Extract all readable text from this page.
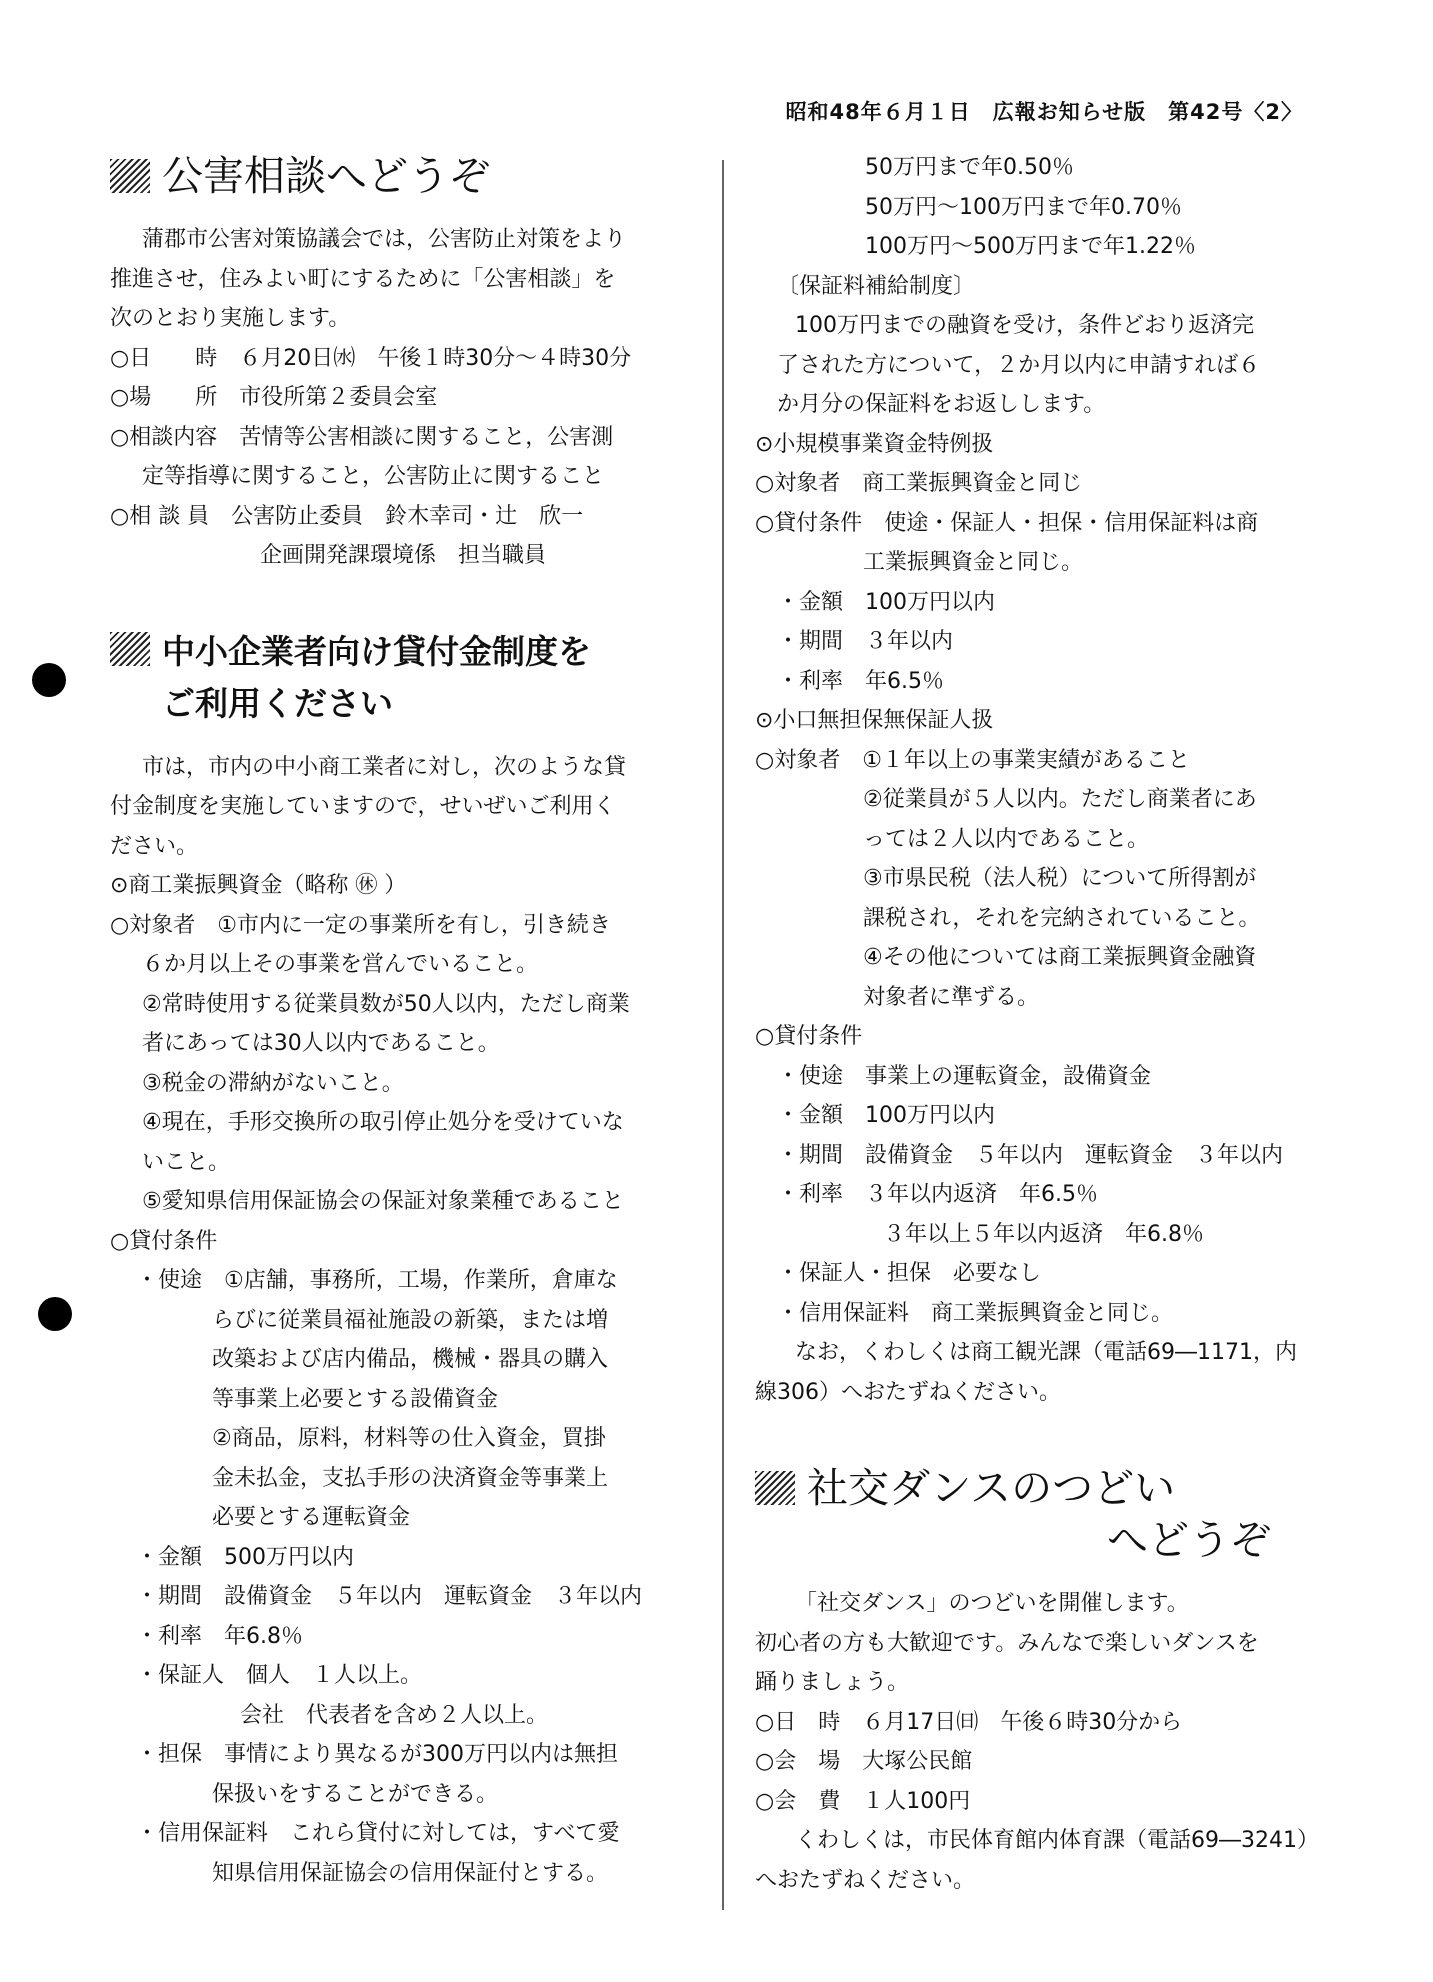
昭和48年６月１日　広報お知らせ版　第42号〈2〉
公害相談へどうぞ
蒲郡市公害対策協議会では，公害防止対策をより
推進させ，住みよい町にするために「公害相談」を
次のとおり実施します。
○日　　時　６月20日㈬　午後１時30分～４時30分
○場　　所　市役所第２委員会室
○相談内容　苦情等公害相談に関すること，公害測
定等指導に関すること，公害防止に関すること
○相 談 員　公害防止委員　鈴木幸司・辻　欣一
企画開発課環境係　担当職員
中小企業者向け貸付金制度を
ご利用ください
市は，市内の中小商工業者に対し，次のような貸
付金制度を実施していますので，せいぜいご利用く
ださい。
⊙商工業振興資金（略称 ㊡ ）
○対象者　①市内に一定の事業所を有し，引き続き
６か月以上その事業を営んでいること。
②常時使用する従業員数が50人以内，ただし商業
者にあっては30人以内であること。
③税金の滞納がないこと。
④現在，手形交換所の取引停止処分を受けていな
いこと。
⑤愛知県信用保証協会の保証対象業種であること
○貸付条件
・使途　①店舗，事務所，工場，作業所，倉庫な
らびに従業員福祉施設の新築，または増
改築および店内備品，機械・器具の購入
等事業上必要とする設備資金
②商品，原料，材料等の仕入資金，買掛
金未払金，支払手形の決済資金等事業上
必要とする運転資金
・金額　500万円以内
・期間　設備資金　５年以内　運転資金　３年以内
・利率　年6.8％
・保証人　個人　１人以上。
会社　代表者を含め２人以上。
・担保　事情により異なるが300万円以内は無担
保扱いをすることができる。
・信用保証料　これら貸付に対しては，すべて愛
知県信用保証協会の信用保証付とする。
50万円まで年0.50％
50万円～100万円まで年0.70％
100万円～500万円まで年1.22％
〔保証料補給制度〕
100万円までの融資を受け，条件どおり返済完
了された方について，２か月以内に申請すれば６
か月分の保証料をお返しします。
⊙小規模事業資金特例扱
○対象者　商工業振興資金と同じ
○貸付条件　使途・保証人・担保・信用保証料は商
工業振興資金と同じ。
・金額　100万円以内
・期間　３年以内
・利率　年6.5％
⊙小口無担保無保証人扱
○対象者　①１年以上の事業実績があること
②従業員が５人以内。ただし商業者にあ
っては２人以内であること。
③市県民税（法人税）について所得割が
課税され，それを完納されていること。
④その他については商工業振興資金融資
対象者に準ずる。
○貸付条件
・使途　事業上の運転資金，設備資金
・金額　100万円以内
・期間　設備資金　５年以内　運転資金　３年以内
・利率　３年以内返済　年6.5％
３年以上５年以内返済　年6.8％
・保証人・担保　必要なし
・信用保証料　商工業振興資金と同じ。
なお，くわしくは商工観光課（電話69―1171，内
線306）へおたずねください。
社交ダンスのつどい
へどうぞ
「社交ダンス」のつどいを開催します。
初心者の方も大歓迎です。みんなで楽しいダンスを
踊りましょう。
○日　時　６月17日㈰　午後６時30分から
○会　場　大塚公民館
○会　費　１人100円
くわしくは，市民体育館内体育課（電話69―3241）
へおたずねください。
